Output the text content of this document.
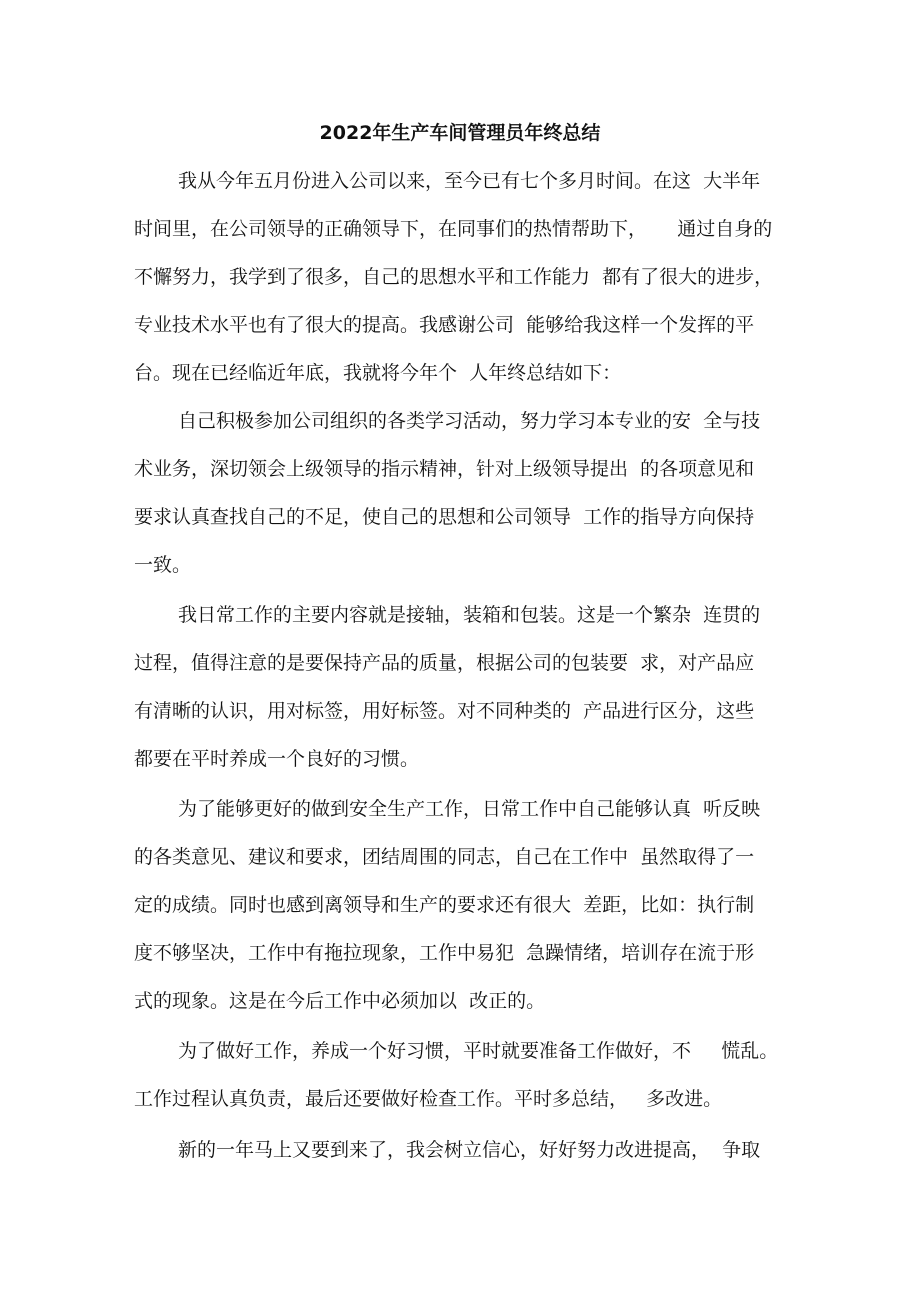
2022年生产车间管理员年终总结
我从今年五月份进入公司以来，至今已有七个多月时间。在这  大半年
时间里，在公司领导的正确领导下，在同事们的热情帮助下，     通过自身的
不懈努力，我学到了很多，自己的思想水平和工作能力  都有了很大的进步，
专业技术水平也有了很大的提高。我感谢公司  能够给我这样一个发挥的平
台。现在已经临近年底，我就将今年个  人年终总结如下：
自己积极参加公司组织的各类学习活动，努力学习本专业的安  全与技
术业务，深切领会上级领导的指示精神，针对上级领导提出  的各项意见和
要求认真查找自己的不足，使自己的思想和公司领导  工作的指导方向保持
一致。
我日常工作的主要内容就是接轴，装箱和包装。这是一个繁杂  连贯的
过程，值得注意的是要保持产品的质量，根据公司的包装要  求，对产品应
有清晰的认识，用对标签，用好标签。对不同种类的  产品进行区分，这些
都要在平时养成一个良好的习惯。
为了能够更好的做到安全生产工作，日常工作中自己能够认真  听反映
的各类意见、建议和要求，团结周围的同志，自己在工作中  虽然取得了一
定的成绩。同时也感到离领导和生产的要求还有很大  差距，比如：执行制
度不够坚决，工作中有拖拉现象，工作中易犯  急躁情绪，培训存在流于形
式的现象。这是在今后工作中必须加以  改正的。
为了做好工作，养成一个好习惯，平时就要准备工作做好，不     慌乱。
工作过程认真负责，最后还要做好检查工作。平时多总结，   多改进。
新的一年马上又要到来了，我会树立信心，好好努力改进提高，  争取
